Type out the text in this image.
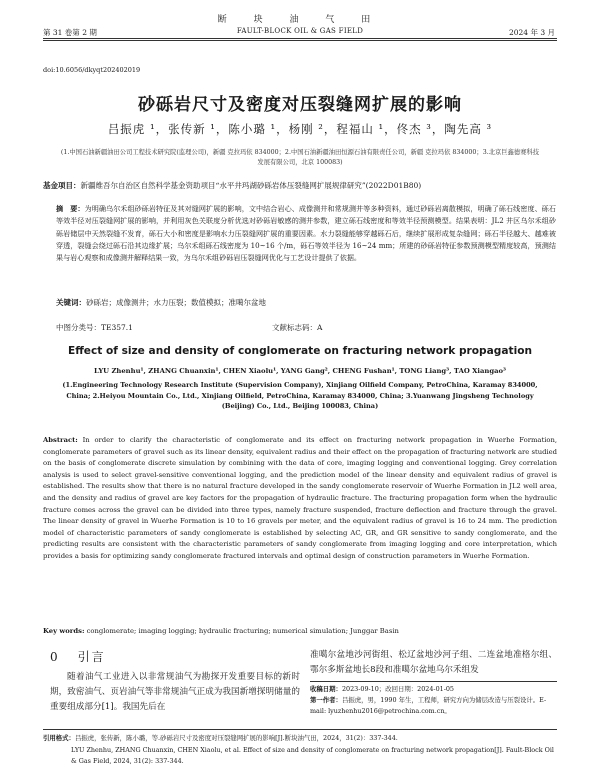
断 块 油 气 田
第 31 卷第 2 期	FAULT-BLOCK OIL & GAS FIELD	2024 年 3 月
doi:10.6056/dkyqt202402019
砂砾岩尺寸及密度对压裂缝网扩展的影响
吕振虎 ¹，张传新 ¹，陈小璐 ¹，杨刚 ²，程福山 ¹，佟杰 ³，陶先高 ³
(1.中国石油新疆油田公司工程技术研究院(监理公司)，新疆 克拉玛依 834000；2.中国石油新疆油田恒源石油有限责任公司，新疆 克拉玛依 834000；3.北京巨鑫德赛科技发展有限公司，北京 100083)
基金项目：新疆维吾尔自治区自然科学基金资助项目“水平井玛湖砂砾岩体压裂缝网扩展规律研究”(2022D01B80)
摘　要：为明确乌尔禾组砂砾岩特征及其对缝网扩展的影响，文中结合岩心、成像测井和常规测井等多种资料，通过砂砾岩离散模拟，明确了砾石线密度、砾石等效半径对压裂缝网扩展的影响，并利用灰色关联度分析优选对砂砾岩敏感的测井参数，建立砾石线密度和等效半径预测模型。结果表明：JL2 井区乌尔禾组砂砾岩储层中天然裂缝不发育，砾石大小和密度是影响水力压裂缝网扩展的重要因素。水力裂缝能够穿越砾石后，继续扩展形成复杂缝网；砾石半径越大、越难被穿透，裂缝会绕过砾石沿其边缘扩展；乌尔禾组砾石线密度为 10~16 个/m，砾石等效半径为 16~24 mm；所建的砂砾岩特征参数预测模型精度较高，预测结果与岩心观察和成像测井解释结果一致，为乌尔禾组砂砾岩压裂缝网优化与工艺设计提供了依据。
关键词：砂砾岩；成像测井；水力压裂；数值模拟；准噶尔盆地
中图分类号：TE357.1	文献标志码：A
Effect of size and density of conglomerate on fracturing network propagation
LYU Zhenhu¹, ZHANG Chuanxin¹, CHEN Xiaolu¹, YANG Gang², CHENG Fushan¹, TONG Liang³, TAO Xiangao³
(1.Engineering Technology Research Institute (Supervision Company), Xinjiang Oilfield Company, PetroChina, Karamay 834000, China; 2.Heiyou Mountain Co., Ltd., Xinjiang Oilfield, PetroChina, Karamay 834000, China; 3.Yuanwang Jingsheng Technology (Beijing) Co., Ltd., Beijing 100083, China)
Abstract: In order to clarify the characteristic of conglomerate and its effect on fracturing network propagation in Wuerhe Formation, conglomerate parameters of gravel such as its linear density, equivalent radius and their effect on the propagation of fracturing network are studied on the basis of conglomerate discrete simulation by combining with the data of core, imaging logging and conventional logging. Grey correlation analysis is used to select gravel-sensitive conventional logging, and the prediction model of the linear density and equivalent radius of gravel is established. The results show that there is no natural fracture developed in the sandy conglomerate reservoir of Wuerhe Formation in JL2 well area, and the density and radius of gravel are key factors for the propagation of hydraulic fracture. The fracturing propagation form when the hydraulic fracture comes across the gravel can be divided into three types, namely fracture suspended, fracture deflection and fracture through the gravel. The linear density of gravel in Wuerhe Formation is 10 to 16 gravels per meter, and the equivalent radius of gravel is 16 to 24 mm. The prediction model of characteristic parameters of sandy conglomerate is established by selecting AC, GR, and GR sensitive to sandy conglomerate, and the predicting results are consistent with the characteristic parameters of sandy conglomerate from imaging logging and core interpretation, which provides a basis for optimizing sandy conglomerate fractured intervals and optimal design of construction parameters in Wuerhe Formation.
Key words: conglomerate; imaging logging; hydraulic fracturing; numerical simulation; Junggar Basin
0 引言
随着油气工业进入以非常规油气为勘探开发重要目标的新时期，致密油气、页岩油气等非常规油气正成为我国新增探明储量的重要组成部分[1]。我国先后在
准噶尔盆地沙河街组、松辽盆地沙河子组、二连盆地准格尔组、鄂尔多斯盆地长8段和准噶尔盆地乌尔禾组发
收稿日期：2023-09-10；改回日期：2024-01-05
第一作者：吕振虎，男，1990 年生，工程师，研究方向为储层改造与压裂设计。E-mail: lyuzhenhu2016@petrochina.com.cn。
引用格式：吕振虎，张传新，陈小璐，等.砂砾岩尺寸及密度对压裂缝网扩展的影响[J].断块油气田，2024，31(2)：337-344.
LYU Zhenhu, ZHANG Chuanxin, CHEN Xiaolu, et al. Effect of size and density of conglomerate on fracturing network propagation[J]. Fault-Block Oil & Gas Field, 2024, 31(2): 337-344.
